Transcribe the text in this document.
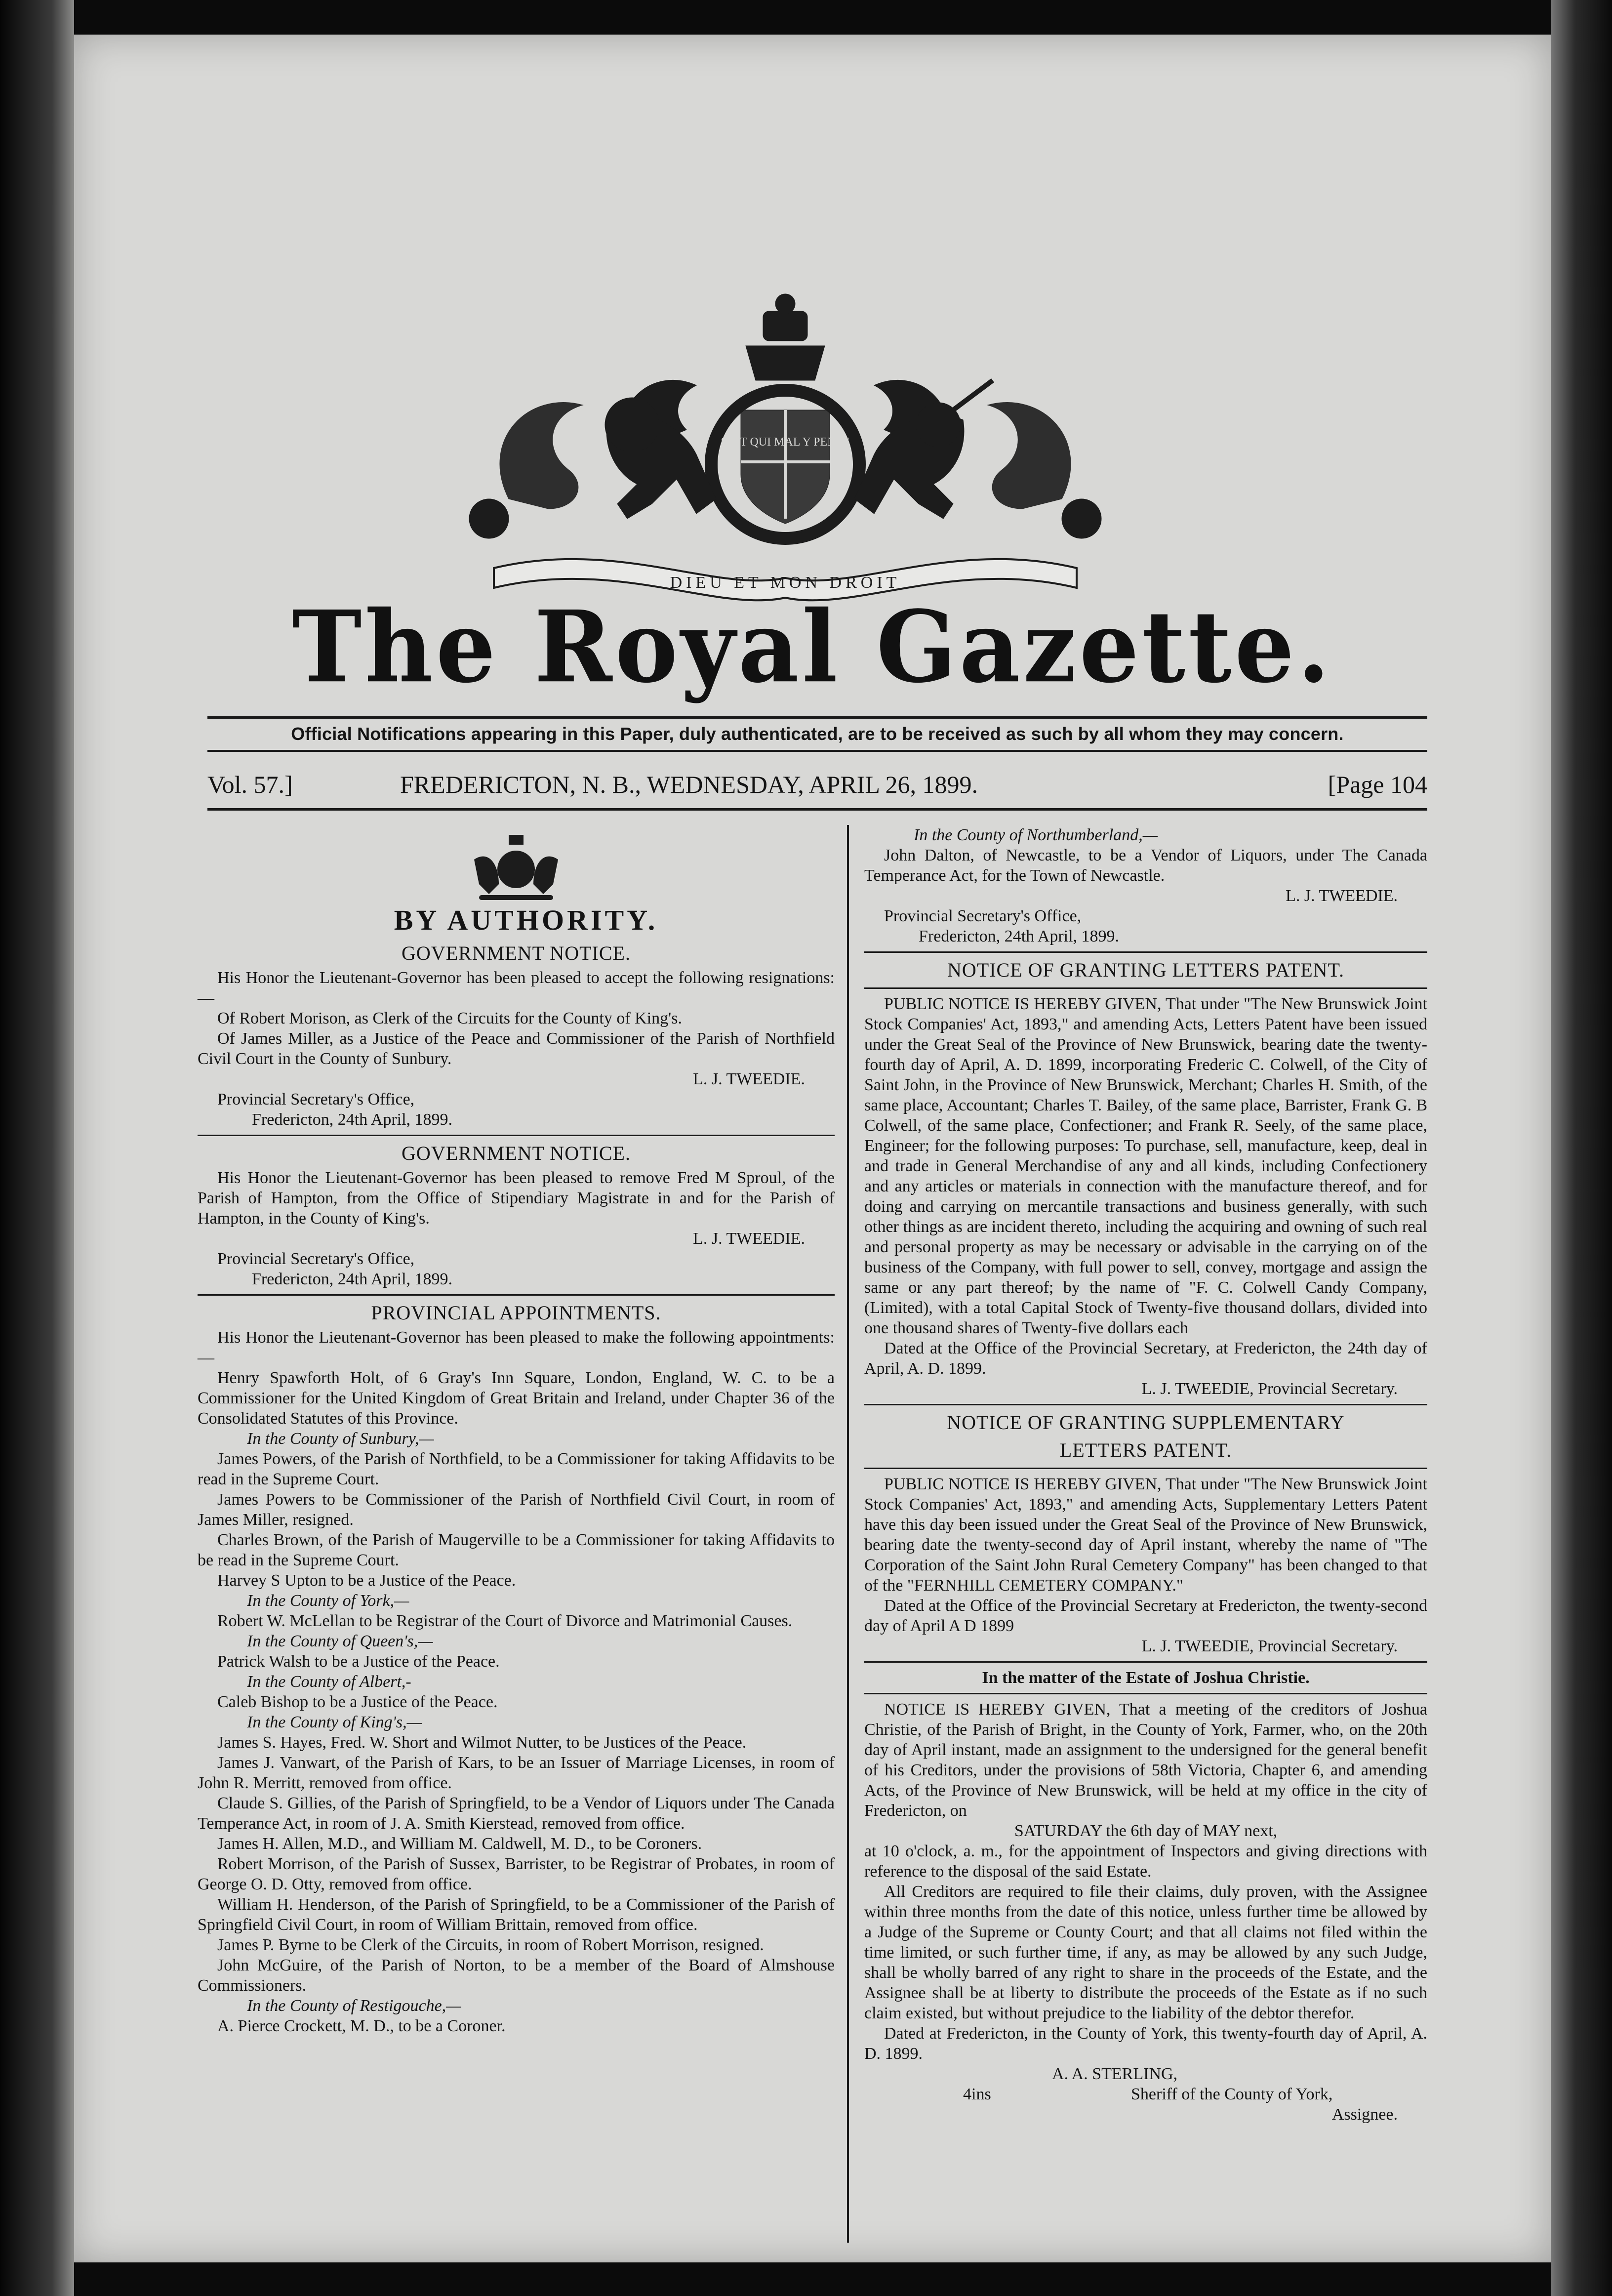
SOIT QUI MAL Y PENSE
DIEU ET MON DROIT
The Royal Gazette.
Official Notifications appearing in this Paper, duly authenticated, are to be received as such by all whom they may concern.
Vol. 57.]	FREDERICTON, N. B., WEDNESDAY, APRIL 26, 1899.	[Page 104

BY AUTHORITY.

GOVERNMENT NOTICE.

His Honor the Lieutenant-Governor has been pleased to accept the following resignations:—

Of Robert Morison, as Clerk of the Circuits for the County of King's.

Of James Miller, as a Justice of the Peace and Commissioner of the Parish of Northfield Civil Court in the County of Sunbury.

L. J. TWEEDIE.

Provincial Secretary's Office,

Fredericton, 24th April, 1899.

GOVERNMENT NOTICE.

His Honor the Lieutenant-Governor has been pleased to remove Fred M Sproul, of the Parish of Hampton, from the Office of Stipendiary Magistrate in and for the Parish of Hampton, in the County of King's.

L. J. TWEEDIE.

Provincial Secretary's Office,

Fredericton, 24th April, 1899.

PROVINCIAL APPOINTMENTS.

His Honor the Lieutenant-Governor has been pleased to make the following appointments:—

Henry Spawforth Holt, of 6 Gray's Inn Square, London, England, W. C. to be a Commissioner for the United Kingdom of Great Britain and Ireland, under Chapter 36 of the Consolidated Statutes of this Province.

In the County of Sunbury,—

James Powers, of the Parish of Northfield, to be a Commissioner for taking Affidavits to be read in the Supreme Court.

James Powers to be Commissioner of the Parish of Northfield Civil Court, in room of James Miller, resigned.

Charles Brown, of the Parish of Maugerville to be a Commissioner for taking Affidavits to be read in the Supreme Court.

Harvey S Upton to be a Justice of the Peace.

In the County of York,—

Robert W. McLellan to be Registrar of the Court of Divorce and Matrimonial Causes.

In the County of Queen's,—

Patrick Walsh to be a Justice of the Peace.

In the County of Albert,-

Caleb Bishop to be a Justice of the Peace.

In the County of King's,—

James S. Hayes, Fred. W. Short and Wilmot Nutter, to be Justices of the Peace.

James J. Vanwart, of the Parish of Kars, to be an Issuer of Marriage Licenses, in room of John R. Merritt, removed from office.

Claude S. Gillies, of the Parish of Springfield, to be a Vendor of Liquors under The Canada Temperance Act, in room of J. A. Smith Kierstead, removed from office.

James H. Allen, M.D., and William M. Caldwell, M. D., to be Coroners.

Robert Morrison, of the Parish of Sussex, Barrister, to be Registrar of Probates, in room of George O. D. Otty, removed from office.

William H. Henderson, of the Parish of Springfield, to be a Commissioner of the Parish of Springfield Civil Court, in room of William Brittain, removed from office.

James P. Byrne to be Clerk of the Circuits, in room of Robert Morrison, resigned.

John McGuire, of the Parish of Norton, to be a member of the Board of Almshouse Commissioners.

In the County of Restigouche,—

A. Pierce Crockett, M. D., to be a Coroner.

In the County of Northumberland,—

John Dalton, of Newcastle, to be a Vendor of Liquors, under The Canada Temperance Act, for the Town of Newcastle.

L. J. TWEEDIE.

Provincial Secretary's Office,

Fredericton, 24th April, 1899.

NOTICE OF GRANTING LETTERS PATENT.

PUBLIC NOTICE IS HEREBY GIVEN, That under "The New Brunswick Joint Stock Companies' Act, 1893," and amending Acts, Letters Patent have been issued under the Great Seal of the Province of New Brunswick, bearing date the twenty-fourth day of April, A. D. 1899, incorporating Frederic C. Colwell, of the City of Saint John, in the Province of New Brunswick, Merchant; Charles H. Smith, of the same place, Accountant; Charles T. Bailey, of the same place, Barrister, Frank G. B Colwell, of the same place, Confectioner; and Frank R. Seely, of the same place, Engineer; for the following purposes: To purchase, sell, manufacture, keep, deal in and trade in General Merchandise of any and all kinds, including Confectionery and any articles or materials in connection with the manufacture thereof, and for doing and carrying on mercantile transactions and business generally, with such other things as are incident thereto, including the acquiring and owning of such real and personal property as may be necessary or advisable in the carrying on of the business of the Company, with full power to sell, convey, mortgage and assign the same or any part thereof; by the name of "F. C. Colwell Candy Company, (Limited), with a total Capital Stock of Twenty-five thousand dollars, divided into one thousand shares of Twenty-five dollars each

Dated at the Office of the Provincial Secretary, at Fredericton, the 24th day of April, A. D. 1899.

L. J. TWEEDIE, Provincial Secretary.

NOTICE OF GRANTING SUPPLEMENTARY

LETTERS PATENT.

PUBLIC NOTICE IS HEREBY GIVEN, That under "The New Brunswick Joint Stock Companies' Act, 1893," and amending Acts, Supplementary Letters Patent have this day been issued under the Great Seal of the Province of New Brunswick, bearing date the twenty-second day of April instant, whereby the name of "The Corporation of the Saint John Rural Cemetery Company" has been changed to that of the "FERNHILL CEMETERY COMPANY."

Dated at the Office of the Provincial Secretary at Fredericton, the twenty-second day of April A D 1899

L. J. TWEEDIE, Provincial Secretary.

In the matter of the Estate of Joshua Christie.

NOTICE IS HEREBY GIVEN, That a meeting of the creditors of Joshua Christie, of the Parish of Bright, in the County of York, Farmer, who, on the 20th day of April instant, made an assignment to the undersigned for the general benefit of his Creditors, under the provisions of 58th Victoria, Chapter 6, and amending Acts, of the Province of New Brunswick, will be held at my office in the city of Fredericton, on

SATURDAY the 6th day of MAY next,

at 10 o'clock, a. m., for the appointment of Inspectors and giving directions with reference to the disposal of the said Estate.

All Creditors are required to file their claims, duly proven, with the Assignee within three months from the date of this notice, unless further time be allowed by a Judge of the Supreme or County Court; and that all claims not filed within the time limited, or such further time, if any, as may be allowed by any such Judge, shall be wholly barred of any right to share in the proceeds of the Estate, and the Assignee shall be at liberty to distribute the proceeds of the Estate as if no such claim existed, but without prejudice to the liability of the debtor therefor.

Dated at Fredericton, in the County of York, this twenty-fourth day of April, A. D. 1899.

A. A. STERLING,

4ins	Sheriff of the County of York,

Assignee.
